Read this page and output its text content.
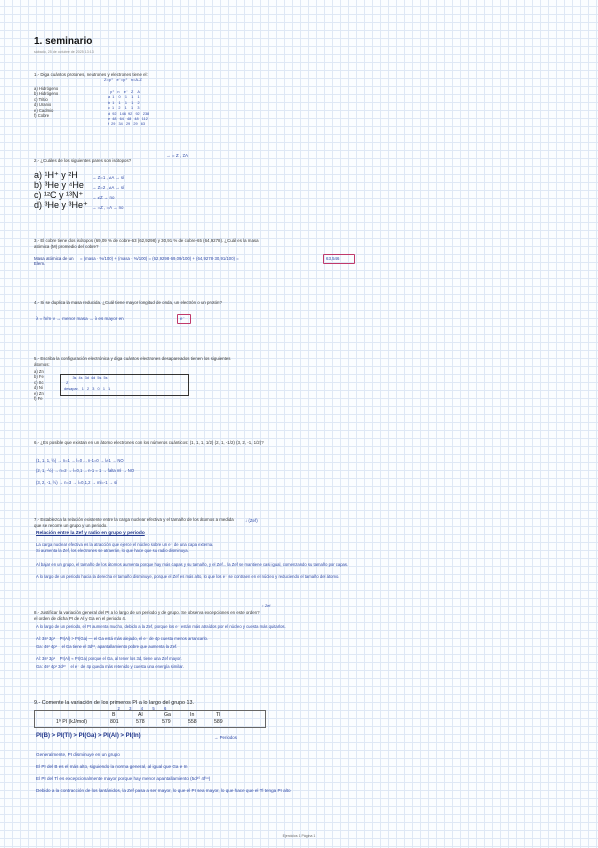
1. seminario
sábado, 25 de octubre de 2025 13:13
1.- Diga cuántos protones, neutrones y electrones tiene el:
Z=p⁺   e⁻=p⁺   n=A-Z
a) Hidrógeno
b) Hidrógeno
c) Tritio
d) Uranio
e) Cadmio
f) Cobre
p⁺   n    e⁻   Z    A
a  1    0    1    1    1
b  1    1    1    1    2
c  1    2    1    1    3
d  92   146  92   92   238
e  48   64   48   48   112
f  29   34   29   29   63
2.- ¿Cuáles de los siguientes pares son isótopos?
→ = Z , ≠A
a) ¹H⁺ y ²H
b) ³He y ⁴He
c) ¹²C y ¹³N⁺
d) ³He y ³He⁺
→ Z=1 , ≠A → sí
→ Z=2 , ≠A → sí
→ ≠Z → no
→ =Z , =A → no
3.- El cobre tiene dos isótopos (69,09 % de cobre-63 (62,9298) y 30,91 % de cobre-65 (64,9278). ¿Cuál es la masa atómica (M) promedio del cobre?
Masa atómica de un Elem.
= (masa · %/100) + (masa · %/100) = (62,9298·69,09/100) + (64,9278·30,91/100) =	63,546
4.- Si se duplica la masa reducida. ¿Cuál tiene mayor longitud de onda, un electrón o un protón?
λ = h/m·v → menor masa → λ es mayor en	e⁻
5.- Escriba la configuración electrónica y diga cuántos electrones desapareados tienen los siguientes átomos:
a) Zn
b) Fe
c) Sc
d) Ni
e) Zn
f) Fe
3s  4s  3d  4d  5s  5s
Z
desapar.   1   2   3   0   1   1
6.- ¿Es posible que existan en un átomo electrones con los números cuánticos: (1, 1, 1, 1/2) (2, 1, -1/2) (3, 2, -1, 1/2)?
(1, 1, 1, ½) → n=1 → l=0 ... n-1=0 → l≠1 → NO
(2, 1, -½) → n=2 → l=0,1 ... n-1 = 1 → falta ml → NO
(3, 2, -1, ½) → n=3 → l=0,1,2 → ml=-1 → sí
7.- Establezca la relación existente entre la carga nuclear efectiva y el tamaño de los átomos a medida que se recorre un grupo y un periodo.
↓ (Zef)
Relación entre la Zef y radio en grupo y periodo
La carga nuclear efectiva es la atracción que ejerce el núcleo sobre un e⁻ de una capa externa.
Si aumenta la Zef, los electrones se atraerán, lo que hace que su radio disminuya.
Al bajar en un grupo, el tamaño de los átomos aumenta porque hay más capas y su tamaño, y el Zef... la Zef se mantiene casi igual, comenzando su tamaño por capas.
A lo largo de un periodo hacia la derecha el tamaño disminuye, porque el Zef es más alto, lo que los e⁻ se contraen en el núcleo y reduciendo el tamaño del átomo.
8.- Justificar la variación general del PI a lo largo de un periodo y de grupo. Se observa excepciones en este orden? el orden de dicha PI de Al y Ga en el periodo 4.
↑ Zef
A lo largo de un periodo, el PI aumenta mucho, debido a la Zef, porque los e⁻ están más atraídos por el núcleo y cuesta más quitarlos.
Al: 3s² 3p¹    PI(Al) > PI(Ga) — el Ga está más alejado, el e⁻ de 4p cuesta menos arrancarlo.
Ga: 4s² 4p¹    el Ga tiene el 3d¹⁰, apantallamiento pobre que aumenta la Zef.
Al: 3s² 3p¹    PI(Al) ≈ PI(Ga) porque el Ga, al tener los 3d, tiene una Zef mayor.
Ga: 4s² 4p¹ 3d¹⁰    el e⁻ de 4p queda más retenido y cuesta una energía similar.
9.- Comente la variación de los primeros PI a lo largo del grupo 13.
2        3        4        5        6
B	Al	Ga	In	Tl
1º PI (kJ/mol)	801	578	579	558	589
PI(B) > PI(Tl) > PI(Ga) > PI(Al) > PI(In)	→ Periodos
Generalmente, PI disminuye en un grupo
El PI del B es el más alto, siguiendo la norma general, al igual que Ga e In
El PI del Tl es excepcionalmente mayor porque hay menor apantallamiento (5d¹⁰ 4f¹⁴)
Debido a la contracción de los lantánidos, la Zef pasa a ser mayor, lo que el PI sea mayor, lo que hace que el Tl tenga PI alto
Ejercicios 1 Página 1
